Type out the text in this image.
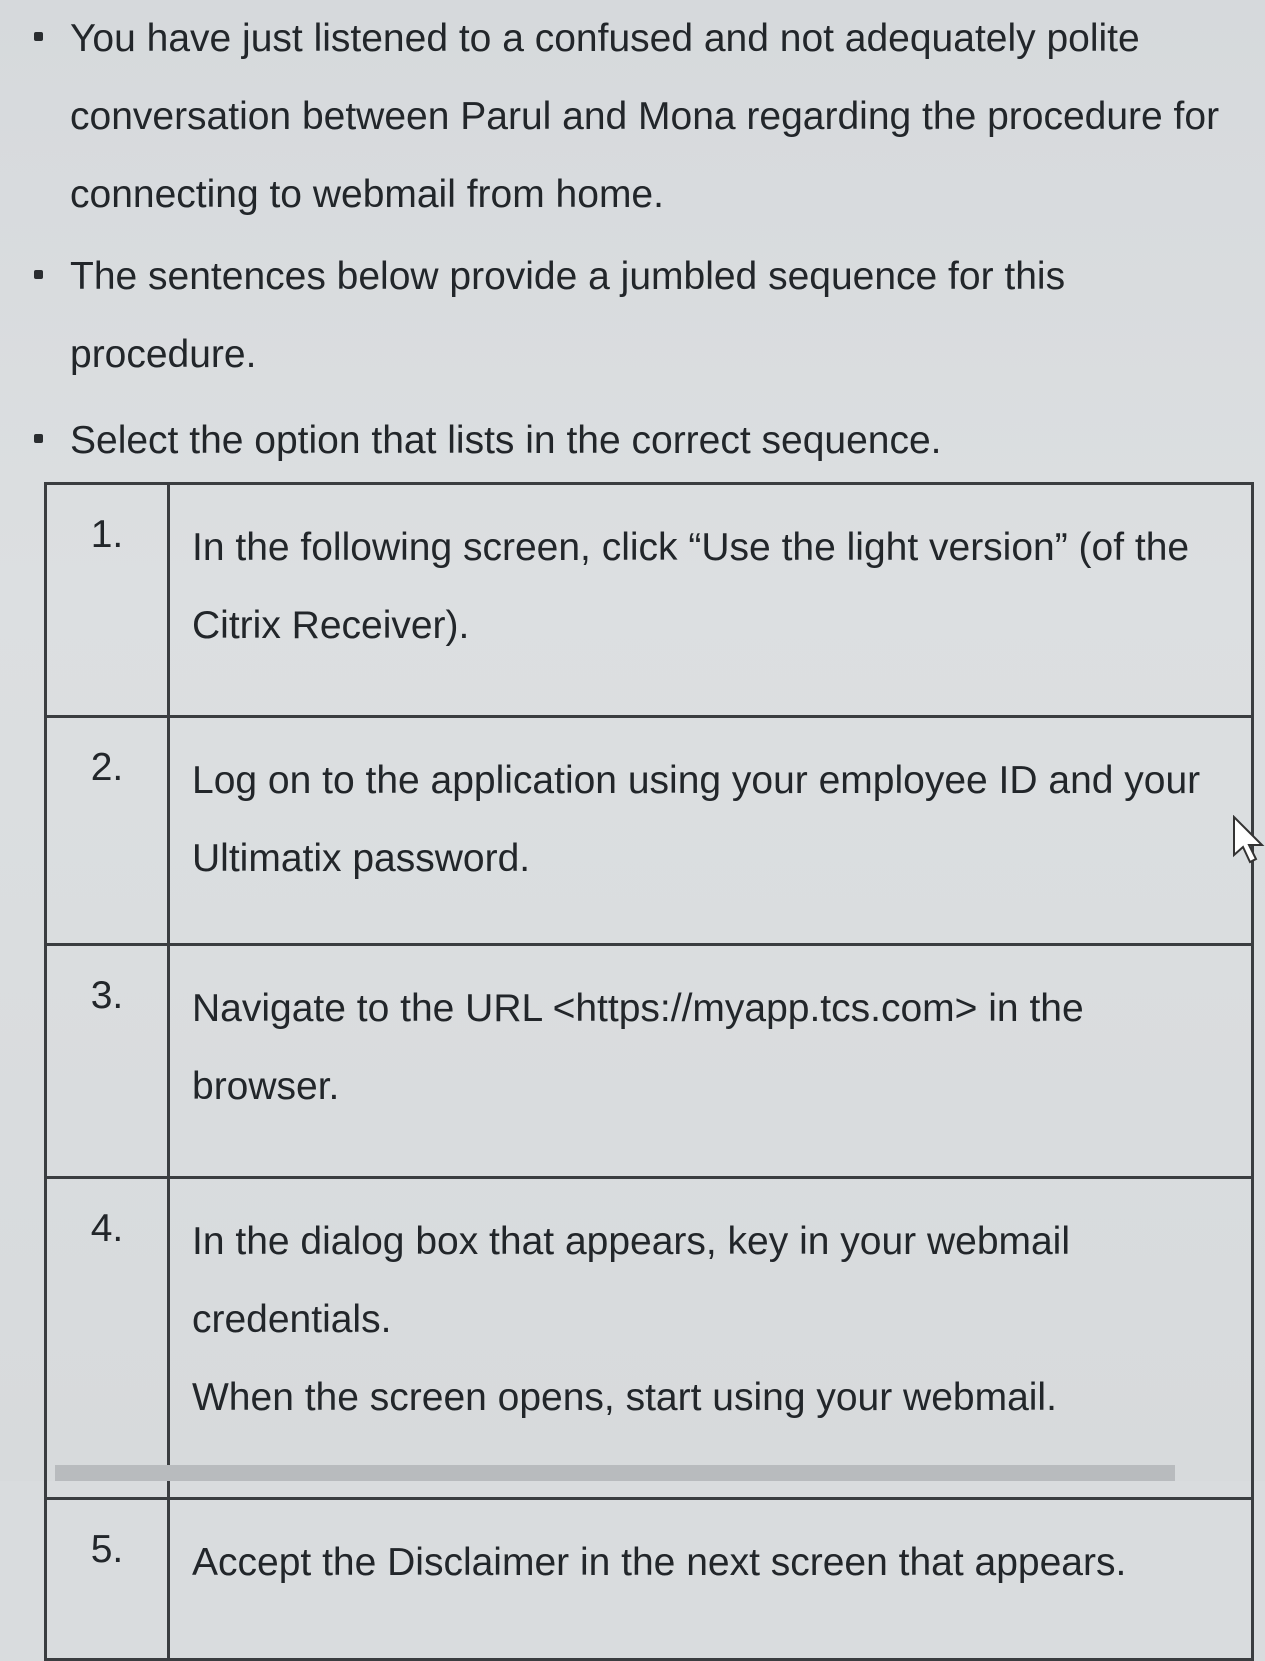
You have just listened to a confused and not adequately polite conversation between Parul and Mona regarding the procedure for connecting to webmail from home.
The sentences below provide a jumbled sequence for this procedure.
Select the option that lists in the correct sequence.
1.	In the following screen, click “Use the light version” (of the Citrix Receiver).
2.	Log on to the application using your employee ID and your Ultimatix password.
3.	Navigate to the URL <https://myapp.tcs.com> in the browser.
4.	In the dialog box that appears, key in your webmail credentials.
When the screen opens, start using your webmail.

5.	Accept the Disclaimer in the next screen that appears.
